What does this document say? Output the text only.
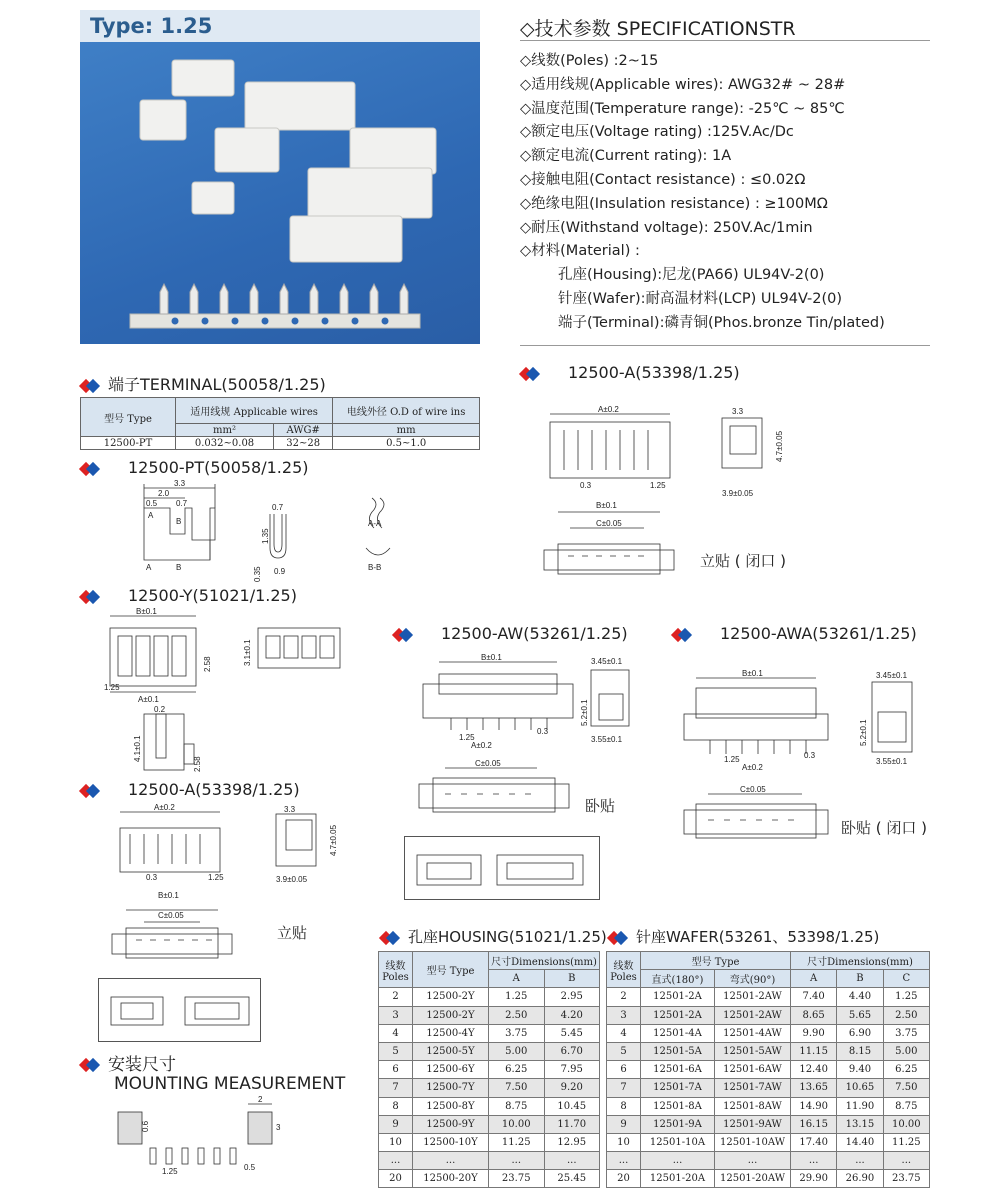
Type: 1.25	◇技术参数 SPECIFICATIONSTR
◇线数(Poles) :2~15
◇适用线规(Applicable wires): AWG32# ~ 28#
◇温度范围(Temperature range): -25℃ ~ 85℃
◇额定电压(Voltage rating) :125V.Ac/Dc
◇额定电流(Current rating): 1A
◇接触电阻(Contact resistance) : ≤0.02Ω
◇绝缘电阻(Insulation resistance) : ≥100MΩ
◇耐压(Withstand voltage): 250V.Ac/1min
◇材料(Material) :
孔座(Housing):尼龙(PA66) UL94V-2(0)
针座(Wafer):耐高温材料(LCP) UL94V-2(0)
端子(Terminal):磷青铜(Phos.bronze Tin/plated)
端子TERMINAL(50058/1.25)
型号 Type	适用线规 Applicable wires		电线外径 O.D of wire ins
	mm²	AWG#	mm
12500-PT	0.032~0.08	32~28	0.5~1.0
12500-PT(50058/1.25)
3.3
2.0
0.5 0.7
A
B
A	B
0.7
1.35
0.35 0.9
A-A
B-B
12500-Y(51021/1.25)
B±0.1
1.25
A±0.1
2.58	3.1±0.1
0.2
4.1±0.1
2.58
12500-A(53398/1.25)
A±0.2
0.3	1.25
3.3
4.7±0.05
3.9±0.05
B±0.1
C±0.05
立贴
安装尺寸
MOUNTING MEASUREMENT
2
3
0.6
1.25	0.5
12500-A(53398/1.25)
A±0.2
0.3	1.25
3.3
4.7±0.05
3.9±0.05
B±0.1
C±0.05
立贴 ( 闭口 )
12500-AW(53261/1.25)
B±0.1
1.25
0.3
A±0.2
3.45±0.1
5.2±0.1
3.55±0.1
C±0.05
卧贴
12500-AWA(53261/1.25)
B±0.1
1.25	0.3
A±0.2
3.45±0.1
5.2±0.1
3.55±0.1
C±0.05
卧贴 ( 闭口 )
孔座HOUSING(51021/1.25)
线数 Poles	型号 Type	尺寸Dimensions(mm)	
		A	B
2	12500-2Y	1.25	2.95
3	12500-2Y	2.50	4.20
4	12500-4Y	3.75	5.45
5	12500-5Y	5.00	6.70
6	12500-6Y	6.25	7.95
7	12500-7Y	7.50	9.20
8	12500-8Y	8.75	10.45
9	12500-9Y	10.00	11.70
10	12500-10Y	11.25	12.95
...	...	...	...
20	12500-20Y	23.75	25.45
针座WAFER(53261、53398/1.25)
线数 Poles	型号 Type		尺寸Dimensions(mm)		
	直式(180°)	弯式(90°)	A	B	C
2	12501-2A	12501-2AW	7.40	4.40	1.25
3	12501-2A	12501-2AW	8.65	5.65	2.50
4	12501-4A	12501-4AW	9.90	6.90	3.75
5	12501-5A	12501-5AW	11.15	8.15	5.00
6	12501-6A	12501-6AW	12.40	9.40	6.25
7	12501-7A	12501-7AW	13.65	10.65	7.50
8	12501-8A	12501-8AW	14.90	11.90	8.75
9	12501-9A	12501-9AW	16.15	13.15	10.00
10	12501-10A	12501-10AW	17.40	14.40	11.25
...	...	...	...	...	...
20	12501-20A	12501-20AW	29.90	26.90	23.75
